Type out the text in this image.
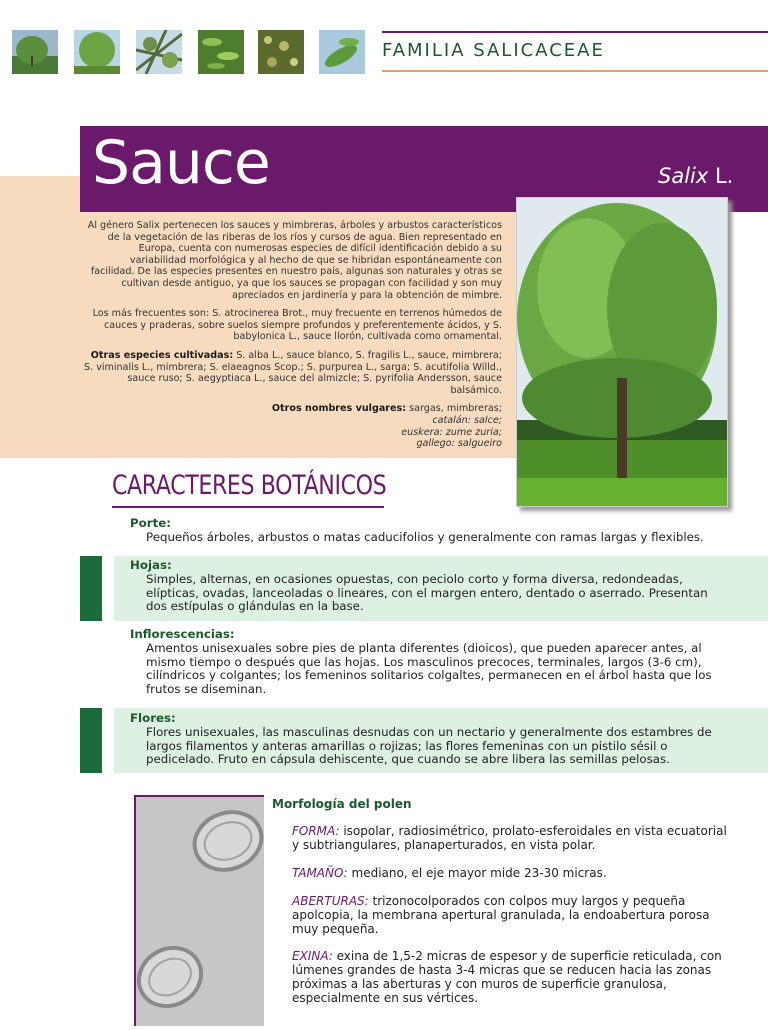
FAMILIA SALICACEAE
Sauce	Salix L.

Al género Salix pertenecen los sauces y mimbreras, árboles y arbustos característicos de la vegetación de las riberas de los ríos y cursos de agua. Bien representado en Europa, cuenta con numerosas especies de difícil identificación debido a su variabilidad morfológica y al hecho de que se hibridan espontáneamente con facilidad. De las especies presentes en nuestro país, algunas son naturales y otras se cultivan desde antiguo, ya que los sauces se propagan con facilidad y son muy apreciados en jardinería y para la obtención de mimbre.

Los más frecuentes son: S. atrocinerea Brot., muy frecuente en terrenos húmedos de cauces y praderas, sobre suelos siempre profundos y preferentemente ácidos, y S. babylonica L., sauce llorón, cultivada como ornamental.

Otras especies cultivadas: S. alba L., sauce blanco, S. fragilis L., sauce, mimbrera; S. viminalis L., mimbrera; S. elaeagnos Scop.; S. purpurea L., sarga; S. acutifolia Willd., sauce ruso; S. aegyptiaca L., sauce del almizcle; S. pyrifolia Andersson, sauce balsámico.

Otros nombres vulgares: sargas, mimbreras;
catalán: salce;
euskera: zume zuria;
gallego: salgueiro

CARACTERES BOTÁNICOS
Porte:
Pequeños árboles, arbustos o matas caducifolios y generalmente con ramas largas y flexibles.
Hojas:
Simples, alternas, en ocasiones opuestas, con peciolo corto y forma diversa, redondeadas, elípticas, ovadas, lanceoladas o lineares, con el margen entero, dentado o aserrado. Presentan dos estípulas o glándulas en la base.
Inflorescencias:
Amentos unisexuales sobre pies de planta diferentes (dioicos), que pueden aparecer antes, al mismo tiempo o después que las hojas. Los masculinos precoces, terminales, largos (3-6 cm), cilíndricos y colgantes; los femeninos solitarios colgaltes, permanecen en el árbol hasta que los frutos se diseminan.
Flores:
Flores unisexuales, las masculinas desnudas con un nectario y generalmente dos estambres de largos filamentos y anteras amarillas o rojizas; las flores femeninas con un pistilo sésil o pedicelado. Fruto en cápsula dehiscente, que cuando se abre libera las semillas pelosas.
Morfología del polen
FORMA: isopolar, radiosimétrico, prolato-esferoidales en vista ecuatorial y subtriangulares, planaperturados, en vista polar.
TAMAÑO: mediano, el eje mayor mide 23-30 micras.
ABERTURAS: trizonocolporados con colpos muy largos y pequeña apolcopia, la membrana apertural granulada, la endoabertura porosa muy pequeña.
EXINA: exina de 1,5-2 micras de espesor y de superficie reticulada, con lúmenes grandes de hasta 3-4 micras que se reducen hacia las zonas próximas a las aberturas y con muros de superficie granulosa, especialmente en sus vértices.
